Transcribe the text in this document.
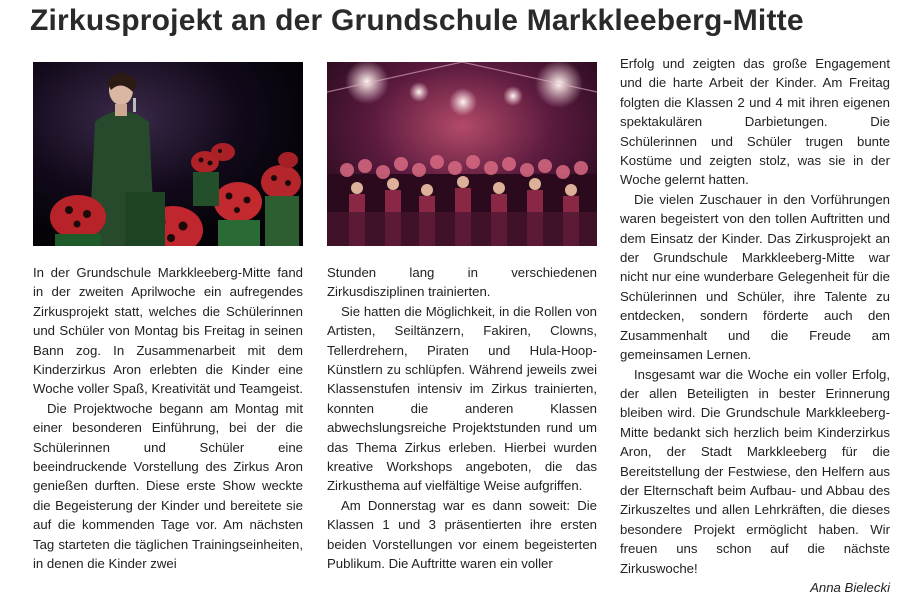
Zirkusprojekt an der Grundschule Markkleeberg-Mitte

In der Grundschule Markkleeberg-Mitte fand in der zweiten Aprilwoche ein aufregendes Zirkusprojekt statt, welches die Schülerinnen und Schüler von Montag bis Freitag in seinen Bann zog. In Zusammenarbeit mit dem Kinderzirkus Aron erlebten die Kinder eine Woche voller Spaß, Kreativität und Teamgeist.

Die Projektwoche begann am Montag mit einer besonderen Einführung, bei der die Schülerinnen und Schüler eine beeindruckende Vorstellung des Zirkus Aron genießen durften. Diese erste Show weckte die Begeisterung der Kinder und bereitete sie auf die kommenden Tage vor. Am nächsten Tag starteten die täglichen Trainingseinheiten, in denen die Kinder zwei

Stunden lang in verschiedenen Zirkusdisziplinen trainierten.

Sie hatten die Möglichkeit, in die Rollen von Artisten, Seiltänzern, Fakiren, Clowns, Tellerdrehern, Piraten und Hula-Hoop-Künstlern zu schlüpfen. Während jeweils zwei Klassenstufen intensiv im Zirkus trainierten, konnten die anderen Klassen abwechslungsreiche Projektstunden rund um das Thema Zirkus erleben. Hierbei wurden kreative Workshops angeboten, die das Zirkusthema auf vielfältige Weise aufgriffen.

Am Donnerstag war es dann soweit: Die Klassen 1 und 3 präsentierten ihre ersten beiden Vorstellungen vor einem begeisterten Publikum. Die Auftritte waren ein voller

Erfolg und zeigten das große Engagement und die harte Arbeit der Kinder. Am Freitag folgten die Klassen 2 und 4 mit ihren eigenen spektakulären Darbietungen. Die Schülerinnen und Schüler trugen bunte Kostüme und zeigten stolz, was sie in der Woche gelernt hatten.

Die vielen Zuschauer in den Vorführungen waren begeistert von den tollen Auftritten und dem Einsatz der Kinder. Das Zirkusprojekt an der Grundschule Markkleeberg-Mitte war nicht nur eine wunderbare Gelegenheit für die Schülerinnen und Schüler, ihre Talente zu entdecken, sondern förderte auch den Zusammenhalt und die Freude am gemeinsamen Lernen.

Insgesamt war die Woche ein voller Erfolg, der allen Beteiligten in bester Erinnerung bleiben wird. Die Grundschule Markkleeberg-Mitte bedankt sich herzlich beim Kinderzirkus Aron, der Stadt Markkleeberg für die Bereitstellung der Festwiese, den Helfern aus der Elternschaft beim Aufbau- und Abbau des Zirkuszeltes und allen Lehrkräften, die dieses besondere Projekt ermöglicht haben. Wir freuen uns schon auf die nächste Zirkuswoche!

Anna Bielecki
